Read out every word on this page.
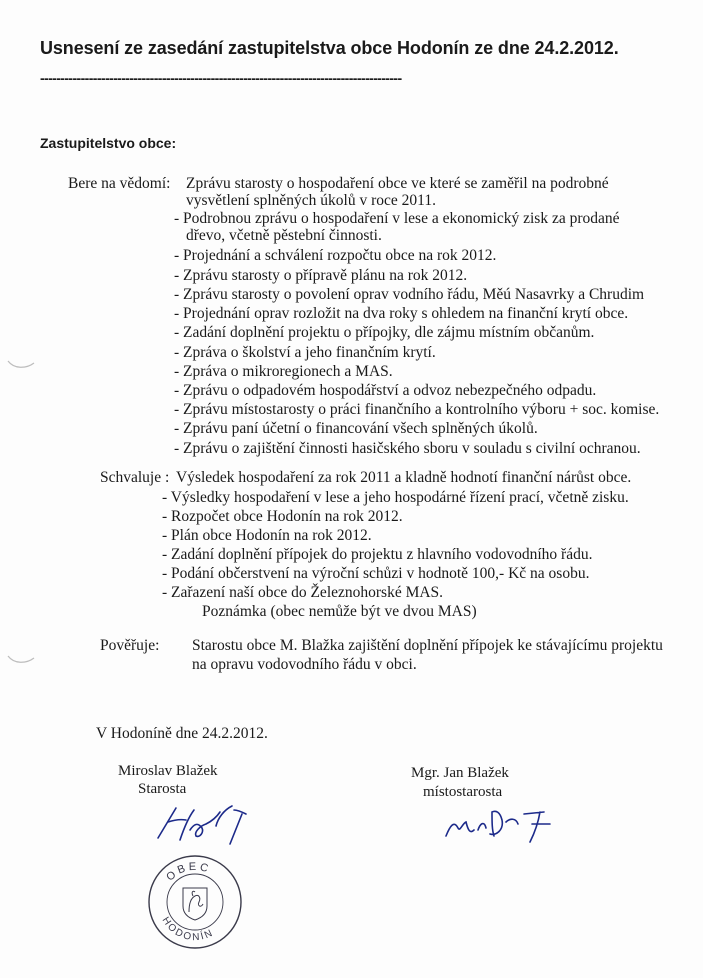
Usnesení ze zasedání zastupitelstva obce Hodonín ze dne 24.2.2012.
-----------------------------------------------------------------------------------------
Zastupitelstvo obce:
Bere na vědomí: Zprávu starosty o hospodaření obce ve které se zaměřil na podrobné
vysvětlení splněných úkolů v roce 2011.
- Podrobnou zprávu o hospodaření v lese a ekonomický zisk za prodané
dřevo, včetně pěstební činnosti.
- Projednání a schválení rozpočtu obce na rok 2012.
- Zprávu starosty o přípravě plánu na rok 2012.
- Zprávu starosty o povolení oprav vodního řádu, Měú Nasavrky a Chrudim
- Projednání oprav rozložit na dva roky s ohledem na finanční krytí obce.
- Zadání doplnění projektu o přípojky, dle zájmu místním občanům.
- Zpráva o školství a jeho finančním krytí.
- Zpráva o mikroregionech a MAS.
- Zprávu o odpadovém hospodářství a odvoz nebezpečného odpadu.
- Zprávu místostarosty o práci finančního a kontrolního výboru + soc. komise.
- Zprávu paní účetní o financování všech splněných úkolů.
- Zprávu o zajištění činnosti hasičského sboru v souladu s civilní ochranou.
Schvaluje : Výsledek hospodaření za rok 2011 a kladně hodnotí finanční nárůst obce.
- Výsledky hospodaření v lese a jeho hospodárné řízení prací, včetně zisku.
- Rozpočet obce Hodonín na rok 2012.
- Plán obce Hodonín na rok 2012.
- Zadání doplnění přípojek do projektu z hlavního vodovodního řádu.
- Podání občerstvení na výroční schůzi v hodnotě 100,- Kč na osobu.
- Zařazení naší obce do Železnohorské MAS.
Poznámka (obec nemůže být ve dvou MAS)
Pověřuje: Starostu obce M. Blažka zajištění doplnění přípojek ke stávajícímu projektu
na opravu vodovodního řádu v obci.
V Hodoníně dne 24.2.2012.
Miroslav Blažek
Starosta
Mgr. Jan Blažek
místostarosta
OBEC
HODONÍN
